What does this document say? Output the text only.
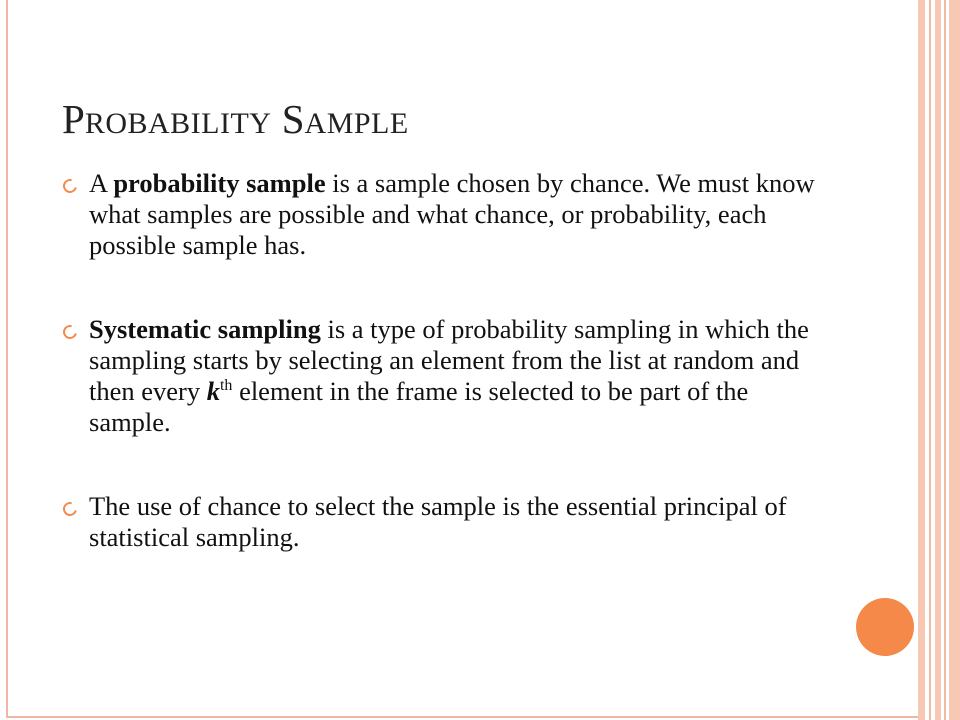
PROBABILITY SAMPLE
A probability sample is a sample chosen by chance. We must know what samples are possible and what chance, or probability, each possible sample has.
Systematic sampling is a type of probability sampling in which the sampling starts by selecting an element from the list at random and then every $k^{th}$ element in the frame is selected to be part of the sample.
The use of chance to select the sample is the essential principal of statistical sampling.
